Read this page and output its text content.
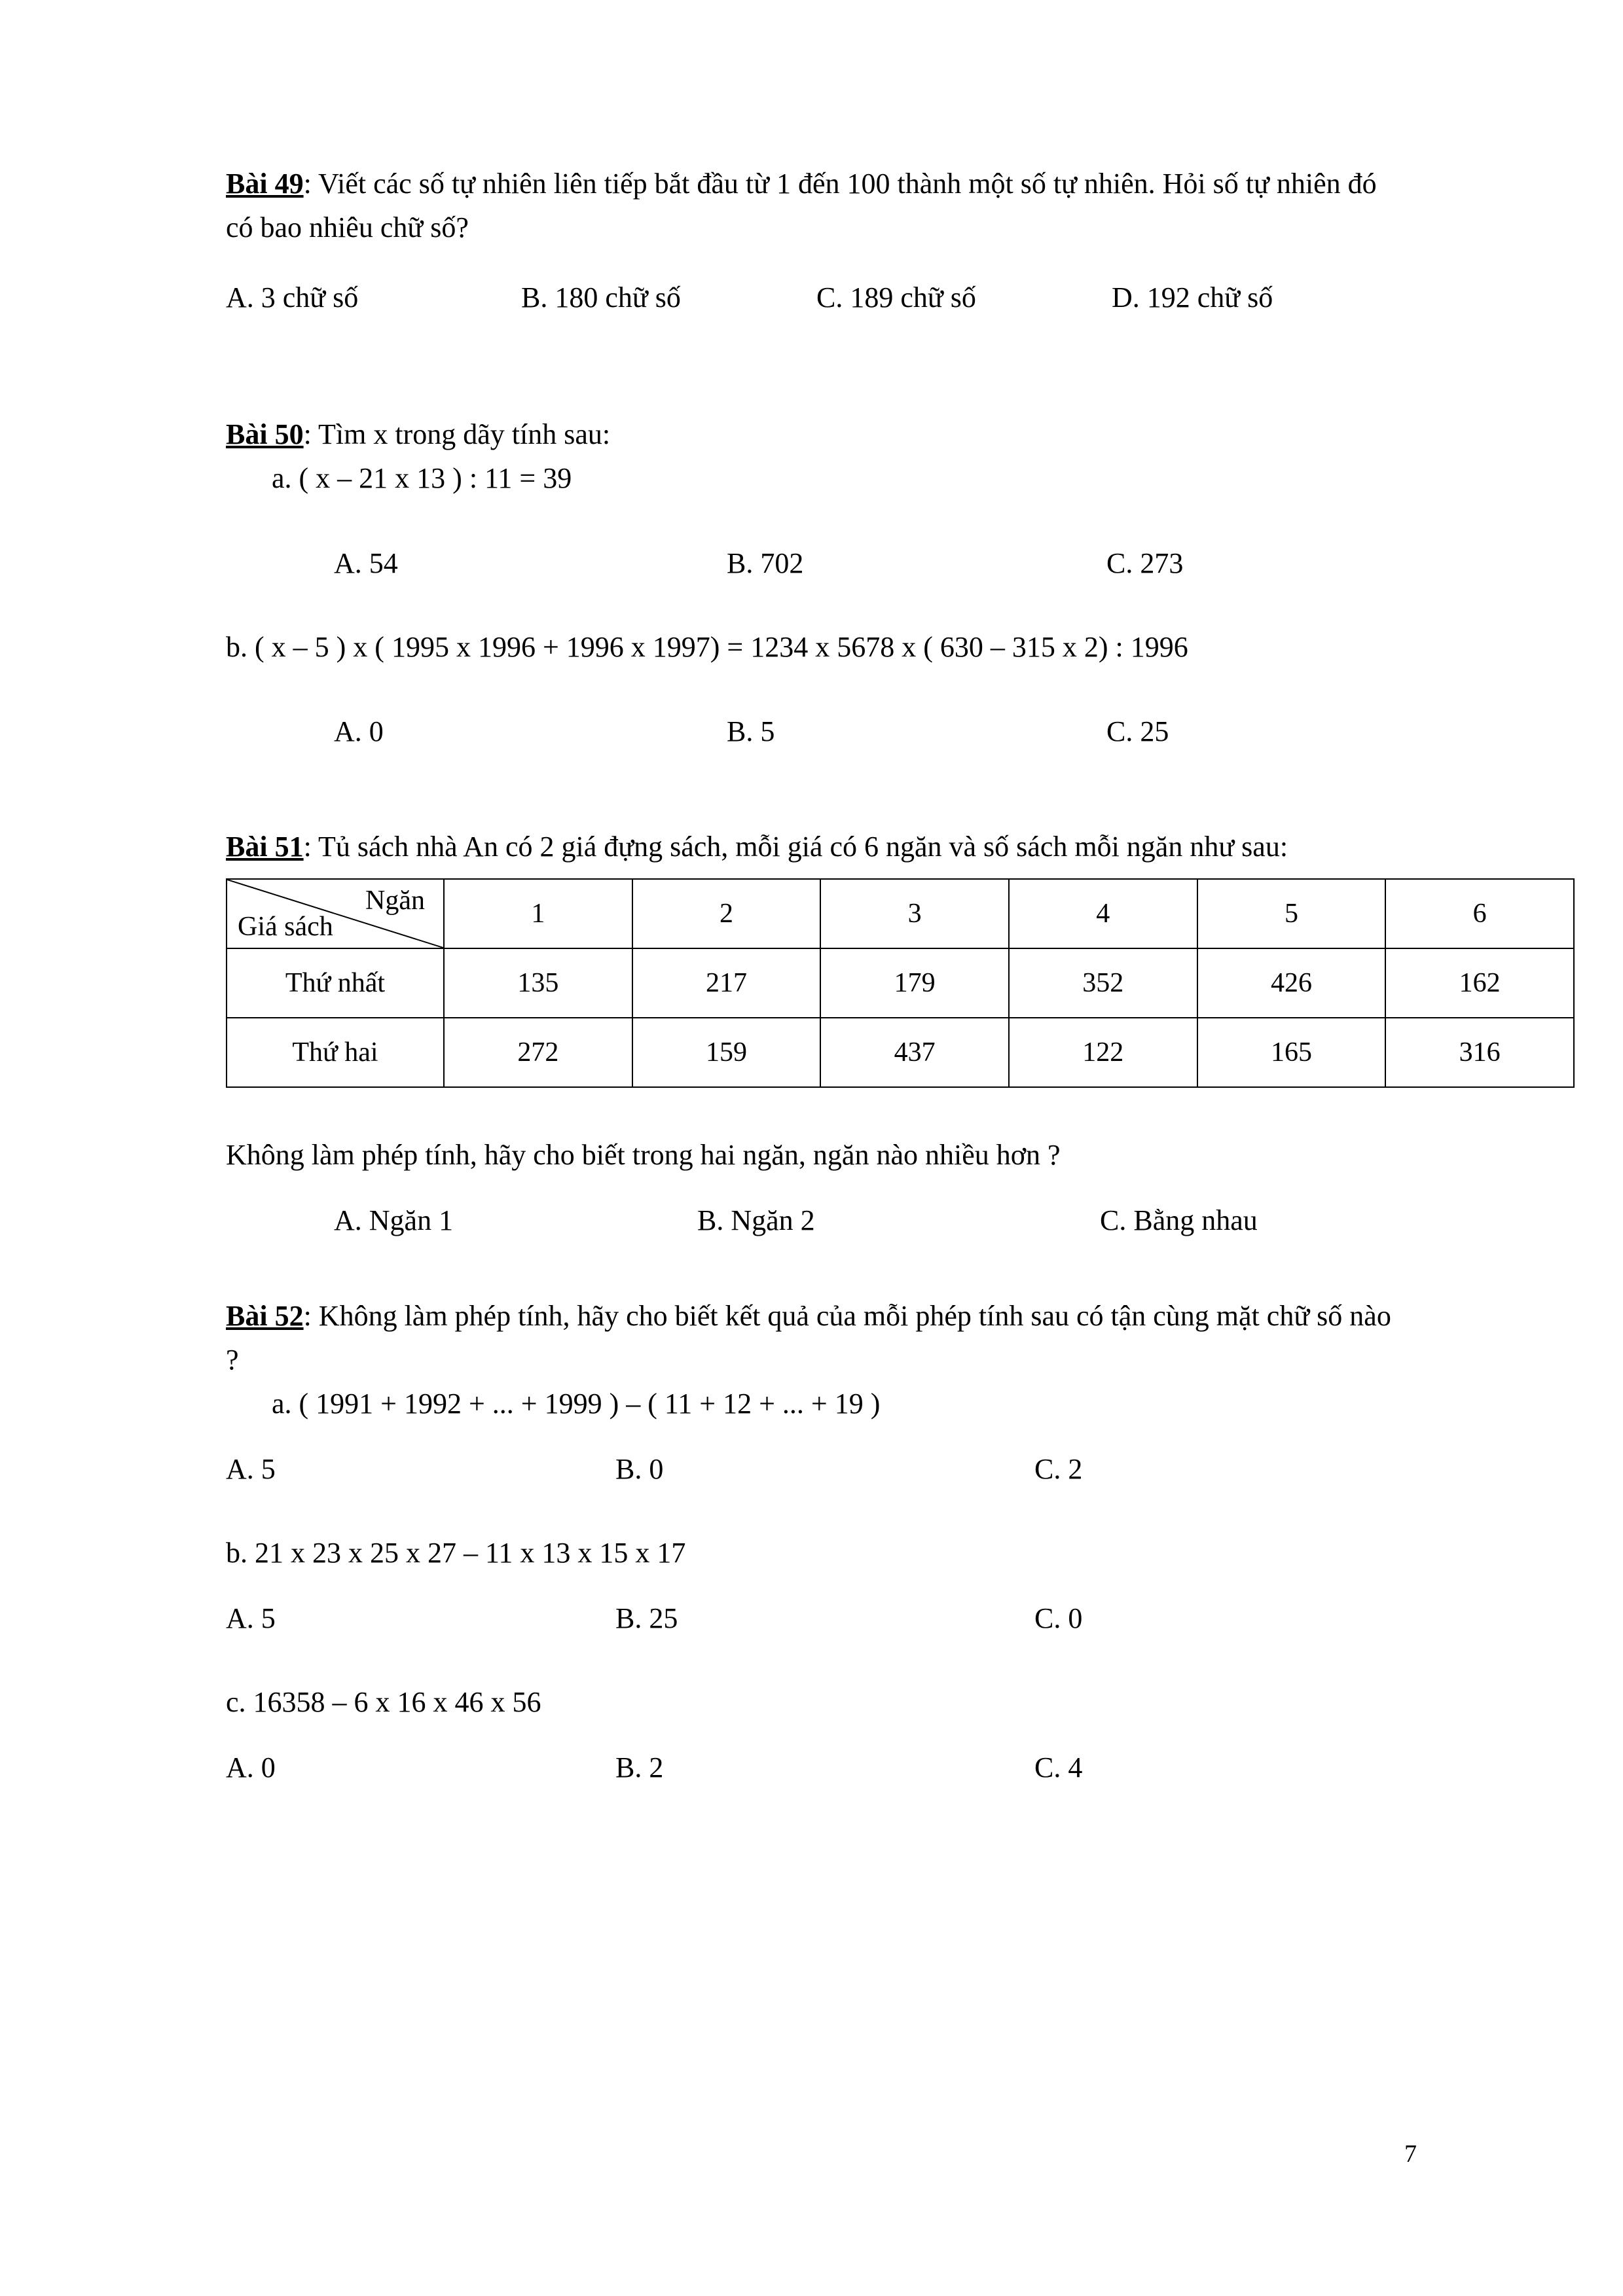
Bài 49: Viết các số tự nhiên liên tiếp bắt đầu từ 1 đến 100 thành một số tự nhiên. Hỏi số tự nhiên đó có bao nhiêu chữ số?

A. 3 chữ số	B. 180 chữ số	C. 189 chữ số	D. 192 chữ số

Bài 50: Tìm x trong dãy tính sau:

a. ( x – 21 x 13 ) : 11 = 39

A. 54	B. 702	C. 273

b. ( x – 5 ) x ( 1995 x 1996 + 1996 x 1997) = 1234 x 5678 x ( 630 – 315 x 2) : 1996

A. 0	B. 5	C. 25

Bài 51: Tủ sách nhà An có 2 giá đựng sách, mỗi giá có 6 ngăn và số sách mỗi ngăn như sau:

Ngăn
Giá sách	1	2	3	4	5	6
Thứ nhất	135	217	179	352	426	162
Thứ hai	272	159	437	122	165	316

Không làm phép tính, hãy cho biết trong hai ngăn, ngăn nào nhiều hơn ?

A. Ngăn 1	B. Ngăn 2	C. Bằng nhau

Bài 52: Không làm phép tính, hãy cho biết kết quả của mỗi phép tính sau có tận cùng mặt chữ số nào ?

a. ( 1991 + 1992 + ... + 1999 ) – ( 11 + 12 + ... + 19 )

A. 5	B. 0	C. 2

b. 21 x 23 x 25 x 27 – 11 x 13 x 15 x 17

A. 5	B. 25	C. 0

c. 16358 – 6 x 16 x 46 x 56

A. 0	B. 2	C. 4
7
